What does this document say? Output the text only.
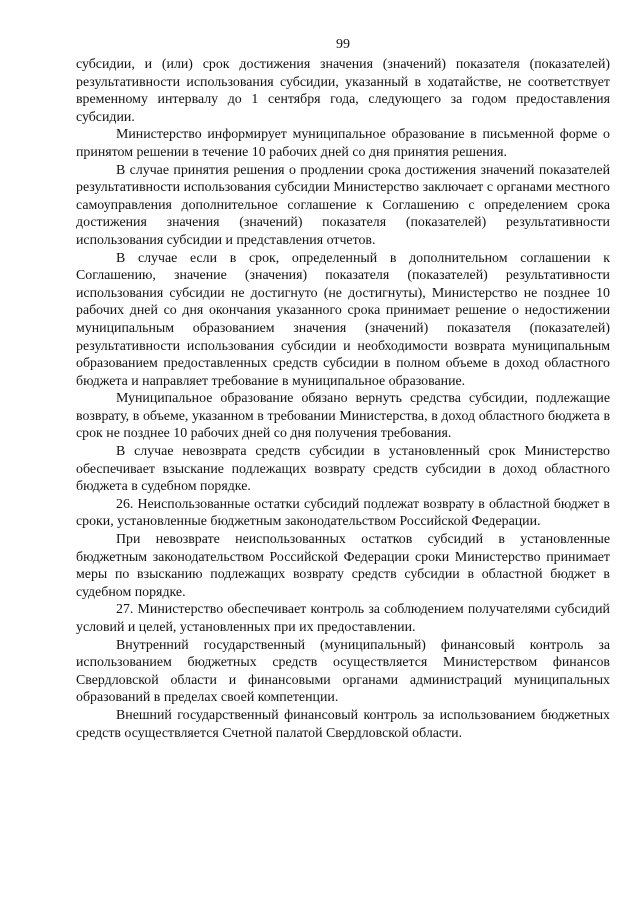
99

субсидии, и (или) срок достижения значения (значений) показателя (показателей) результативности использования субсидии, указанный в ходатайстве, не соответствует временному интервалу до 1 сентября года, следующего за годом предоставления субсидии.

Министерство информирует муниципальное образование в письменной форме о принятом решении в течение 10 рабочих дней со дня принятия решения.

В случае принятия решения о продлении срока достижения значений показателей результативности использования субсидии Министерство заключает с органами местного самоуправления дополнительное соглашение к Соглашению с определением срока достижения значения (значений) показателя (показателей) результативности использования субсидии и представления отчетов.

В случае если в срок, определенный в дополнительном соглашении к Соглашению, значение (значения) показателя (показателей) результативности использования субсидии не достигнуто (не достигнуты), Министерство не позднее 10 рабочих дней со дня окончания указанного срока принимает решение о недостижении муниципальным образованием значения (значений) показателя (показателей) результативности использования субсидии и необходимости возврата муниципальным образованием предоставленных средств субсидии в полном объеме в доход областного бюджета и направляет требование в муниципальное образование.

Муниципальное образование обязано вернуть средства субсидии, подлежащие возврату, в объеме, указанном в требовании Министерства, в доход областного бюджета в срок не позднее 10 рабочих дней со дня получения требования.

В случае невозврата средств субсидии в установленный срок Министерство обеспечивает взыскание подлежащих возврату средств субсидии в доход областного бюджета в судебном порядке.

26. Неиспользованные остатки субсидий подлежат возврату в областной бюджет в сроки, установленные бюджетным законодательством Российской Федерации.

При невозврате неиспользованных остатков субсидий в установленные бюджетным законодательством Российской Федерации сроки Министерство принимает меры по взысканию подлежащих возврату средств субсидии в областной бюджет в судебном порядке.

27. Министерство обеспечивает контроль за соблюдением получателями субсидий условий и целей, установленных при их предоставлении.

Внутренний государственный (муниципальный) финансовый контроль за использованием бюджетных средств осуществляется Министерством финансов Свердловской области и финансовыми органами администраций муниципальных образований в пределах своей компетенции.

Внешний государственный финансовый контроль за использованием бюджетных средств осуществляется Счетной палатой Свердловской области.
